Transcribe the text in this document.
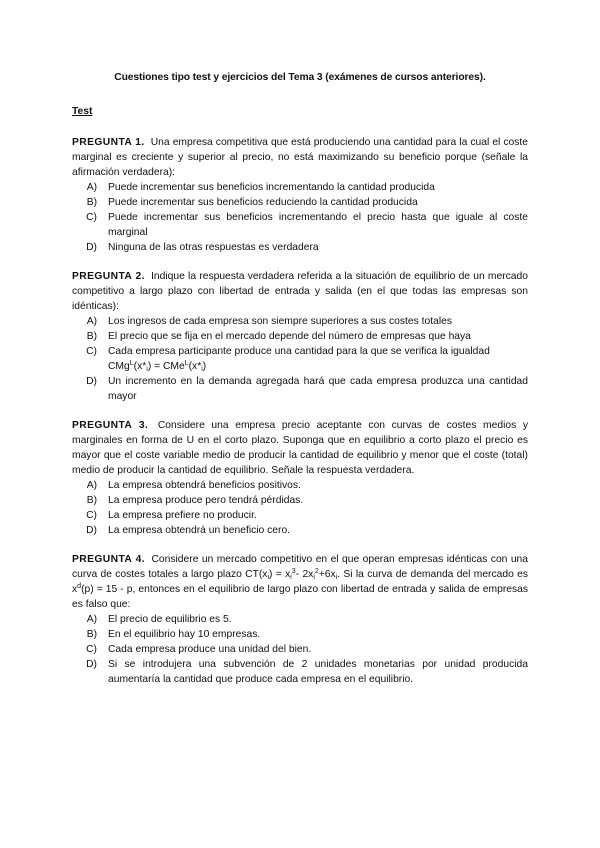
Cuestiones tipo test y ejercicios del Tema 3 (exámenes de cursos anteriores).

Test

PREGUNTA 1. Una empresa competitiva que está produciendo una cantidad para la cual el coste marginal es creciente y superior al precio, no está maximizando su beneficio porque (señale la afirmación verdadera):

A)	Puede incrementar sus beneficios incrementando la cantidad producida
B)	Puede incrementar sus beneficios reduciendo la cantidad producida
C)	Puede incrementar sus beneficios incrementando el precio hasta que iguale al coste marginal
D)	Ninguna de las otras respuestas es verdadera

PREGUNTA 2. Indique la respuesta verdadera referida a la situación de equilibrio de un mercado competitivo a largo plazo con libertad de entrada y salida (en el que todas las empresas son idénticas):

A)	Los ingresos de cada empresa son siempre superiores a sus costes totales
B)	El precio que se fija en el mercado depende del número de empresas que haya
C)	Cada empresa participante produce una cantidad para la que se verifica la igualdad
$CMg^L(x*_i) = CMe^L(x*_i)$
D)	Un incremento en la demanda agregada hará que cada empresa produzca una cantidad mayor

PREGUNTA 3. Considere una empresa precio aceptante con curvas de costes medios y marginales en forma de U en el corto plazo. Suponga que en equilibrio a corto plazo el precio es mayor que el coste variable medio de producir la cantidad de equilibrio y menor que el coste (total) medio de producir la cantidad de equilibrio. Señale la respuesta verdadera.

A)	La empresa obtendrá beneficios positivos.
B)	La empresa produce pero tendrá pérdidas.
C)	La empresa prefiere no producir.
D)	La empresa obtendrá un beneficio cero.

PREGUNTA 4. Considere un mercado competitivo en el que operan empresas idénticas con una curva de costes totales a largo plazo $CT(x_i) = x_i^3-$ $2x_i^2+6x_i$. Si la curva de demanda del mercado es $x^d(p) = 15 - p$, entonces en el equilibrio de largo plazo con libertad de entrada y salida de empresas es falso que:

A)	El precio de equilibrio es 5.
B)	En el equilibrio hay 10 empresas.
C)	Cada empresa produce una unidad del bien.
D)	Si se introdujera una subvención de 2 unidades monetarias por unidad producida aumentaría la cantidad que produce cada empresa en el equilibrio.
